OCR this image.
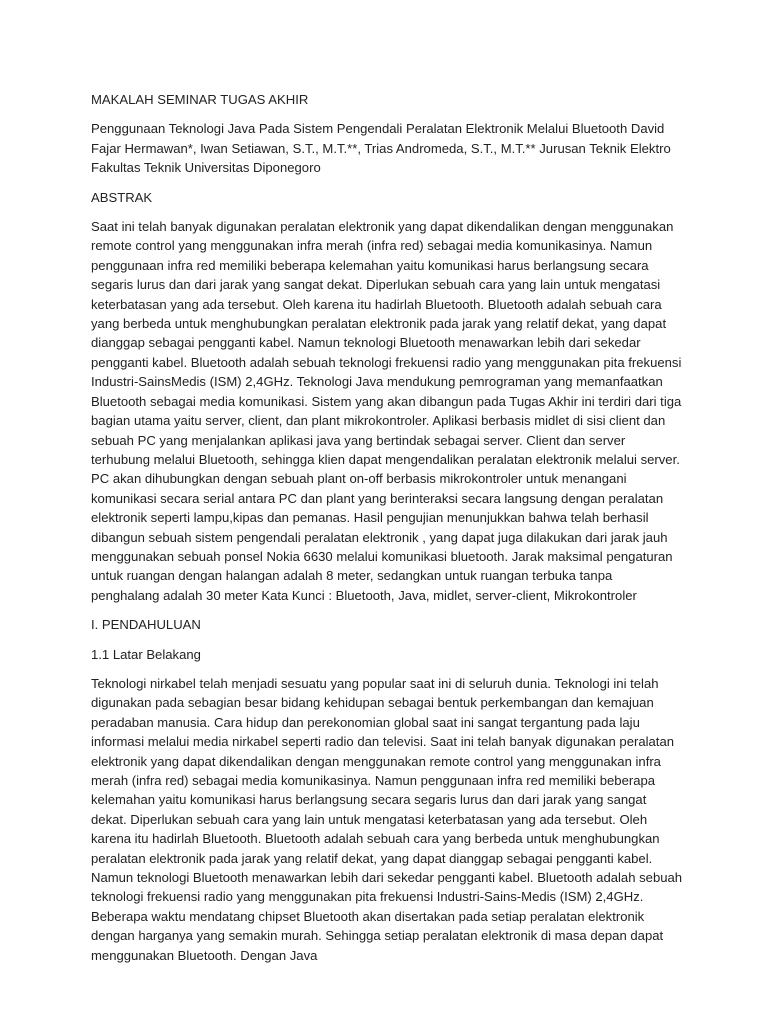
MAKALAH SEMINAR TUGAS AKHIR

Penggunaan Teknologi Java Pada Sistem Pengendali Peralatan Elektronik Melalui Bluetooth David Fajar Hermawan*, Iwan Setiawan, S.T., M.T.**, Trias Andromeda, S.T., M.T.** Jurusan Teknik Elektro Fakultas Teknik Universitas Diponegoro

ABSTRAK

Saat ini telah banyak digunakan peralatan elektronik yang dapat dikendalikan dengan menggunakan remote control yang menggunakan infra merah (infra red) sebagai media komunikasinya. Namun penggunaan infra red memiliki beberapa kelemahan yaitu komunikasi harus berlangsung secara segaris lurus dan dari jarak yang sangat dekat. Diperlukan sebuah cara yang lain untuk mengatasi keterbatasan yang ada tersebut. Oleh karena itu hadirlah Bluetooth. Bluetooth adalah sebuah cara yang berbeda untuk menghubungkan peralatan elektronik pada jarak yang relatif dekat, yang dapat dianggap sebagai pengganti kabel. Namun teknologi Bluetooth menawarkan lebih dari sekedar pengganti kabel. Bluetooth adalah sebuah teknologi frekuensi radio yang menggunakan pita frekuensi Industri-SainsMedis (ISM) 2,4GHz. Teknologi Java mendukung pemrograman yang memanfaatkan Bluetooth sebagai media komunikasi. Sistem yang akan dibangun pada Tugas Akhir ini terdiri dari tiga bagian utama yaitu server, client, dan plant mikrokontroler. Aplikasi berbasis midlet di sisi client dan sebuah PC yang menjalankan aplikasi java yang bertindak sebagai server. Client dan server terhubung melalui Bluetooth, sehingga klien dapat mengendalikan peralatan elektronik melalui server. PC akan dihubungkan dengan sebuah plant on-off berbasis mikrokontroler untuk menangani komunikasi secara serial antara PC dan plant yang berinteraksi secara langsung dengan peralatan elektronik seperti lampu,kipas dan pemanas. Hasil pengujian menunjukkan bahwa telah berhasil dibangun sebuah sistem pengendali peralatan elektronik , yang dapat juga dilakukan dari jarak jauh menggunakan sebuah ponsel Nokia 6630 melalui komunikasi bluetooth. Jarak maksimal pengaturan untuk ruangan dengan halangan adalah 8 meter, sedangkan untuk ruangan terbuka tanpa penghalang adalah 30 meter Kata Kunci : Bluetooth, Java, midlet, server-client, Mikrokontroler

I. PENDAHULUAN

1.1 Latar Belakang

Teknologi nirkabel telah menjadi sesuatu yang popular saat ini di seluruh dunia. Teknologi ini telah digunakan pada sebagian besar bidang kehidupan sebagai bentuk perkembangan dan kemajuan peradaban manusia. Cara hidup dan perekonomian global saat ini sangat tergantung pada laju informasi melalui media nirkabel seperti radio dan televisi. Saat ini telah banyak digunakan peralatan elektronik yang dapat dikendalikan dengan menggunakan remote control yang menggunakan infra merah (infra red) sebagai media komunikasinya. Namun penggunaan infra red memiliki beberapa kelemahan yaitu komunikasi harus berlangsung secara segaris lurus dan dari jarak yang sangat dekat. Diperlukan sebuah cara yang lain untuk mengatasi keterbatasan yang ada tersebut. Oleh karena itu hadirlah Bluetooth. Bluetooth adalah sebuah cara yang berbeda untuk menghubungkan peralatan elektronik pada jarak yang relatif dekat, yang dapat dianggap sebagai pengganti kabel. Namun teknologi Bluetooth menawarkan lebih dari sekedar pengganti kabel. Bluetooth adalah sebuah teknologi frekuensi radio yang menggunakan pita frekuensi Industri-Sains-Medis (ISM) 2,4GHz. Beberapa waktu mendatang chipset Bluetooth akan disertakan pada setiap peralatan elektronik dengan harganya yang semakin murah. Sehingga setiap peralatan elektronik di masa depan dapat menggunakan Bluetooth. Dengan Java
